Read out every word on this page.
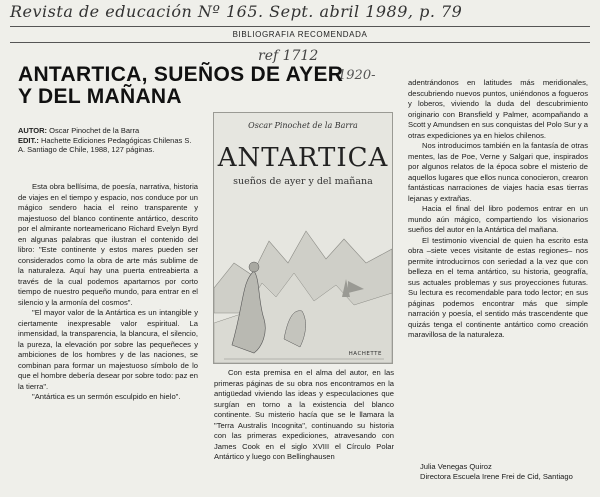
Revista de educación Nº 165. Sept. abril 1989, p. 79
BIBLIOGRAFIA RECOMENDADA
ref 1712
1920-
ANTARTICA, SUEÑOS DE AYER Y DEL MAÑANA
AUTOR: Oscar Pinochet de la Barra
EDIT.: Hachette Ediciones Pedagógicas Chilenas S. A. Santiago de Chile, 1988, 127 páginas.

Esta obra bellísima, de poesía, narrativa, historia de viajes en el tiempo y espacio, nos conduce por un mágico sendero hacia el reino transparente y majestuoso del blanco continente antártico, descrito por el almirante norteamericano Richard Evelyn Byrd en algunas palabras que ilustran el contenido del libro: "Este continente y estos mares pueden ser considerados como la obra de arte más sublime de la naturaleza. Aquí hay una puerta entreabierta a través de la cual podemos apartarnos por corto tiempo de nuestro pequeño mundo, para entrar en el silencio y la armonía del cosmos".

"El mayor valor de la Antártica es un intangible y ciertamente inexpresable valor espiritual. La inmensidad, la transparencia, la blancura, el silencio, la pureza, la elevación por sobre las pequeñeces y ambiciones de los hombres y de las naciones, se combinan para formar un majestuoso símbolo de lo que el hombre debería desear por sobre todo: paz en la tierra".

"Antártica es un sermón esculpido en hielo".

Oscar Pinochet de la Barra
ANTARTICA
sueños de ayer y del mañana
HACHETTE

Con esta premisa en el alma del autor, en las primeras páginas de su obra nos encontramos en la antigüedad viviendo las ideas y especulaciones que surgían en torno a la existencia del blanco continente. Su misterio hacía que se le llamara la "Terra Australis Incognita", continuando su historia con las primeras expediciones, atravesando con James Cook en el siglo XVIII el Círculo Polar Antártico y luego con Bellinghausen

adentrándonos en latitudes más meridionales, descubriendo nuevos puntos, uniéndonos a fogueros y loberos, viviendo la duda del descubrimiento originario con Bransfield y Palmer, acompañando a Scott y Amundsen en sus conquistas del Polo Sur y a otras expediciones ya en hielos chilenos.

Nos introducimos también en la fantasía de otras mentes, las de Poe, Verne y Salgari que, inspirados por algunos relatos de la época sobre el misterio de aquellos lugares que ellos nunca conocieron, crearon fantásticas narraciones de viajes hacia esas tierras lejanas y extrañas.

Hacia el final del libro podemos entrar en un mundo aún mágico, compartiendo los visionarios sueños del autor en la Antártica del mañana.

El testimonio vivencial de quien ha escrito esta obra –siete veces visitante de estas regiones– nos permite introducirnos con seriedad a la vez que con belleza en el tema antártico, su historia, geografía, sus actuales problemas y sus proyecciones futuras. Su lectura es recomendable para todo lector; en sus páginas podemos encontrar más que simple narración y poesía, el sentido más trascendente que quizás tenga el continente antártico como creación maravillosa de la naturaleza.

Julia Venegas Quiroz
Directora Escuela Irene Frei de Cid, Santiago
